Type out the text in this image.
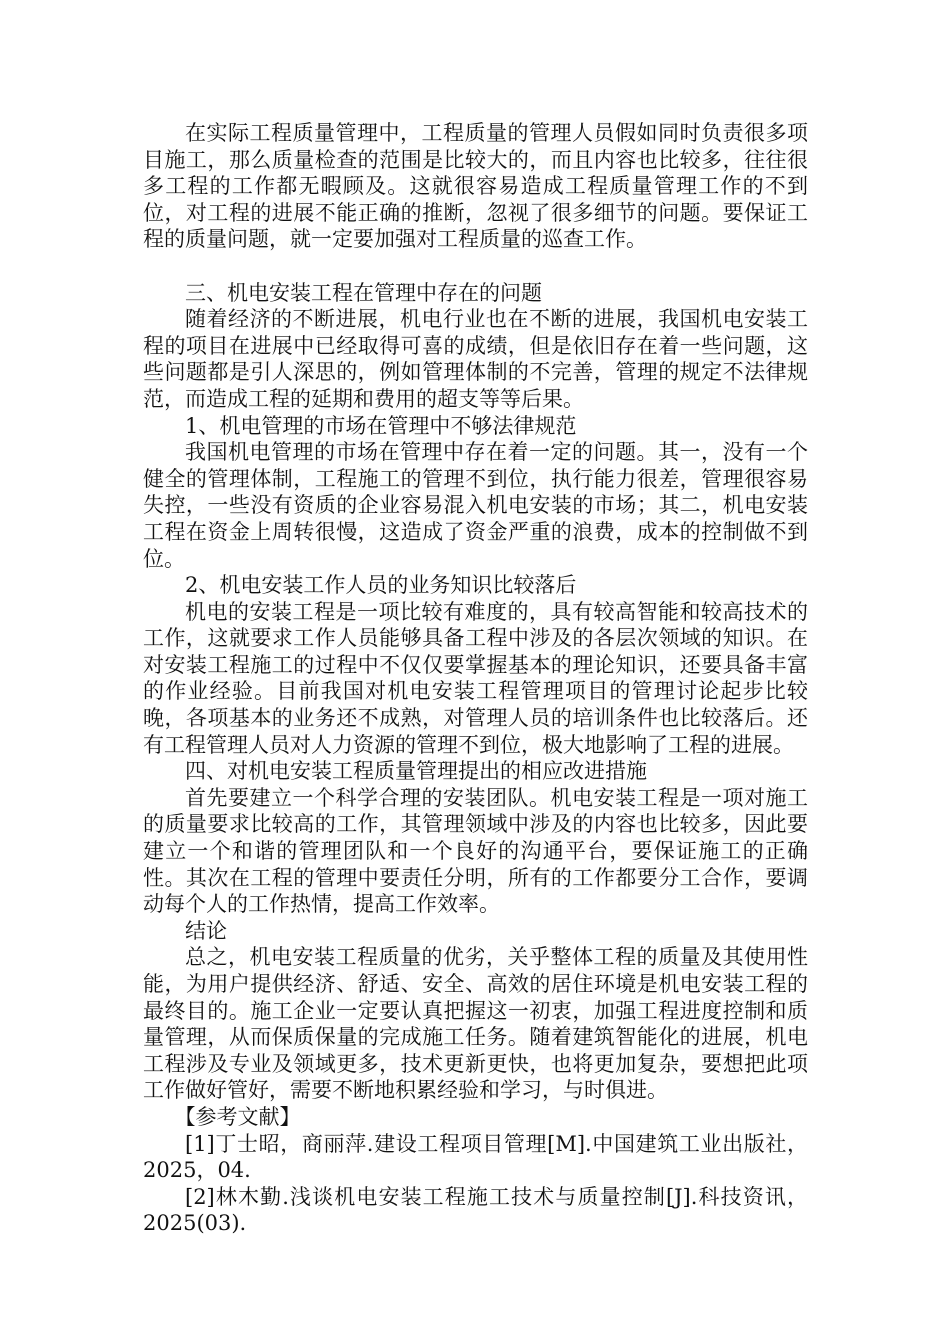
在实际工程质量管理中，工程质量的管理人员假如同时负责很多项目施工，那么质量检查的范围是比较大的，而且内容也比较多，往往很多工程的工作都无暇顾及。这就很容易造成工程质量管理工作的不到位，对工程的进展不能正确的推断，忽视了很多细节的问题。要保证工程的质量问题，就一定要加强对工程质量的巡查工作。

三、机电安装工程在管理中存在的问题

随着经济的不断进展，机电行业也在不断的进展，我国机电安装工程的项目在进展中已经取得可喜的成绩，但是依旧存在着一些问题，这些问题都是引人深思的，例如管理体制的不完善，管理的规定不法律规范，而造成工程的延期和费用的超支等等后果。

1、机电管理的市场在管理中不够法律规范

我国机电管理的市场在管理中存在着一定的问题。其一，没有一个健全的管理体制，工程施工的管理不到位，执行能力很差，管理很容易失控，一些没有资质的企业容易混入机电安装的市场；其二，机电安装工程在资金上周转很慢，这造成了资金严重的浪费，成本的控制做不到位。

2、机电安装工作人员的业务知识比较落后

机电的安装工程是一项比较有难度的，具有较高智能和较高技术的工作，这就要求工作人员能够具备工程中涉及的各层次领域的知识。在对安装工程施工的过程中不仅仅要掌握基本的理论知识，还要具备丰富的作业经验。目前我国对机电安装工程管理项目的管理讨论起步比较晚，各项基本的业务还不成熟，对管理人员的培训条件也比较落后。还有工程管理人员对人力资源的管理不到位，极大地影响了工程的进展。

四、对机电安装工程质量管理提出的相应改进措施

首先要建立一个科学合理的安装团队。机电安装工程是一项对施工的质量要求比较高的工作，其管理领域中涉及的内容也比较多，因此要建立一个和谐的管理团队和一个良好的沟通平台，要保证施工的正确性。其次在工程的管理中要责任分明，所有的工作都要分工合作，要调动每个人的工作热情，提高工作效率。

结论

总之，机电安装工程质量的优劣，关乎整体工程的质量及其使用性能，为用户提供经济、舒适、安全、高效的居住环境是机电安装工程的最终目的。施工企业一定要认真把握这一初衷，加强工程进度控制和质量管理，从而保质保量的完成施工任务。随着建筑智能化的进展，机电工程涉及专业及领域更多，技术更新更快，也将更加复杂，要想把此项工作做好管好，需要不断地积累经验和学习，与时俱进。

【参考文献】

[1]丁士昭，商丽萍.建设工程项目管理[M].中国建筑工业出版社，2025，04.

[2]林木勤.浅谈机电安装工程施工技术与质量控制[J].科技资讯，2025(03).
